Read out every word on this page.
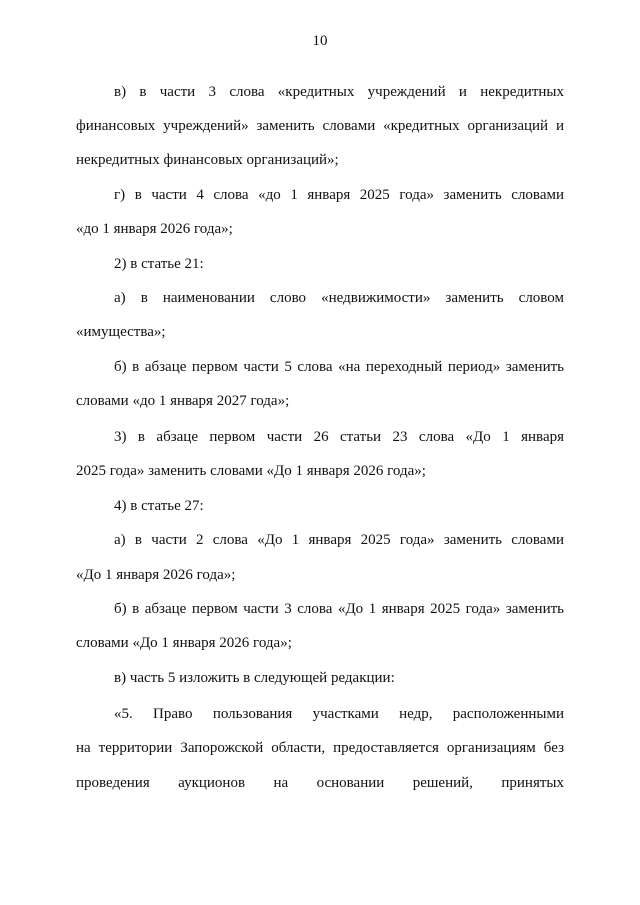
10
в) в части 3 слова «кредитных учреждений и некредитных
финансовых учреждений» заменить словами «кредитных организаций и
некредитных финансовых организаций»;
г) в части 4 слова «до 1 января 2025 года» заменить словами
«до 1 января 2026 года»;
2) в статье 21:
а) в наименовании слово «недвижимости» заменить словом
«имущества»;
б) в абзаце первом части 5 слова «на переходный период» заменить
словами «до 1 января 2027 года»;
3) в абзаце первом части 26 статьи 23 слова «До 1 января
2025 года» заменить словами «До 1 января 2026 года»;
4) в статье 27:
а) в части 2 слова «До 1 января 2025 года» заменить словами
«До 1 января 2026 года»;
б) в абзаце первом части 3 слова «До 1 января 2025 года» заменить
словами «До 1 января 2026 года»;
в) часть 5 изложить в следующей редакции:
«5. Право пользования участками недр, расположенными
на территории Запорожской области, предоставляется организациям без
проведения аукционов на основании решений, принятых
